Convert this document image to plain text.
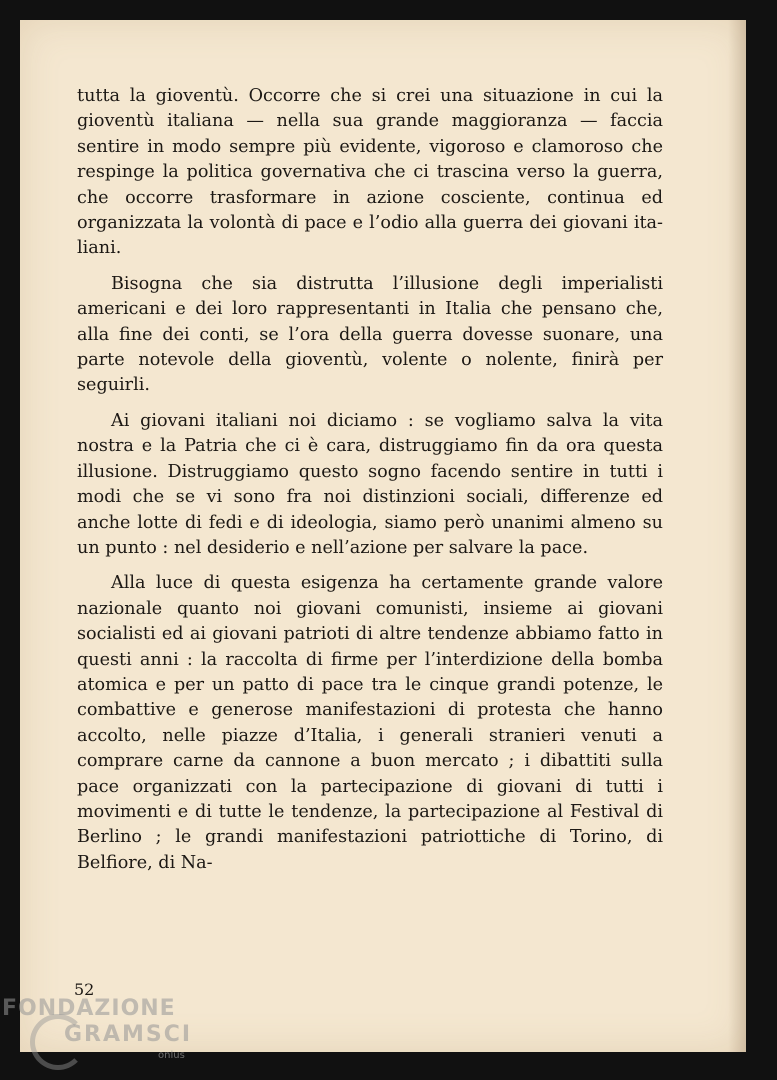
tutta la gioventù. Occorre che si crei una situazione in cui la gioventù italiana — nella sua grande maggioranza — faccia sentire in modo sempre più evidente, vigoroso e clamoroso che respinge la politica governativa che ci trascina verso la guerra, che occorre trasformare in azione cosciente, continua ed organizzata la volontà di pace e l’odio alla guerra dei giovani italiani.

Bisogna che sia distrutta l’illusione degli imperialisti americani e dei loro rappresentanti in Italia che pensano che, alla fine dei conti, se l’ora della guerra dovesse suonare, una parte notevole della gioventù, volente o nolente, finirà per seguirli.

Ai giovani italiani noi diciamo : se vogliamo salva la vita nostra e la Patria che ci è cara, distruggiamo fin da ora questa illusione. Distruggiamo questo sogno facendo sentire in tutti i modi che se vi sono fra noi distinzioni sociali, differenze ed anche lotte di fedi e di ideologia, siamo però unanimi almeno su un punto : nel desiderio e nell’azione per salvare la pace.

Alla luce di questa esigenza ha certamente grande valore nazionale quanto noi giovani comunisti, insieme ai giovani socialisti ed ai giovani patrioti di altre tendenze abbiamo fatto in questi anni : la raccolta di firme per l’interdizione della bomba atomica e per un patto di pace tra le cinque grandi potenze, le combattive e generose manifestazioni di protesta che hanno accolto, nelle piazze d’Italia, i generali stranieri venuti a comprare carne da cannone a buon mercato ; i dibattiti sulla pace organizzati con la partecipazione di giovani di tutti i movimenti e di tutte le tendenze, la partecipazione al Festival di Berlino ; le grandi manifestazioni patriottiche di Torino, di Belfiore, di Na-

52
FONDAZIONE
GRAMSCI
onlus
